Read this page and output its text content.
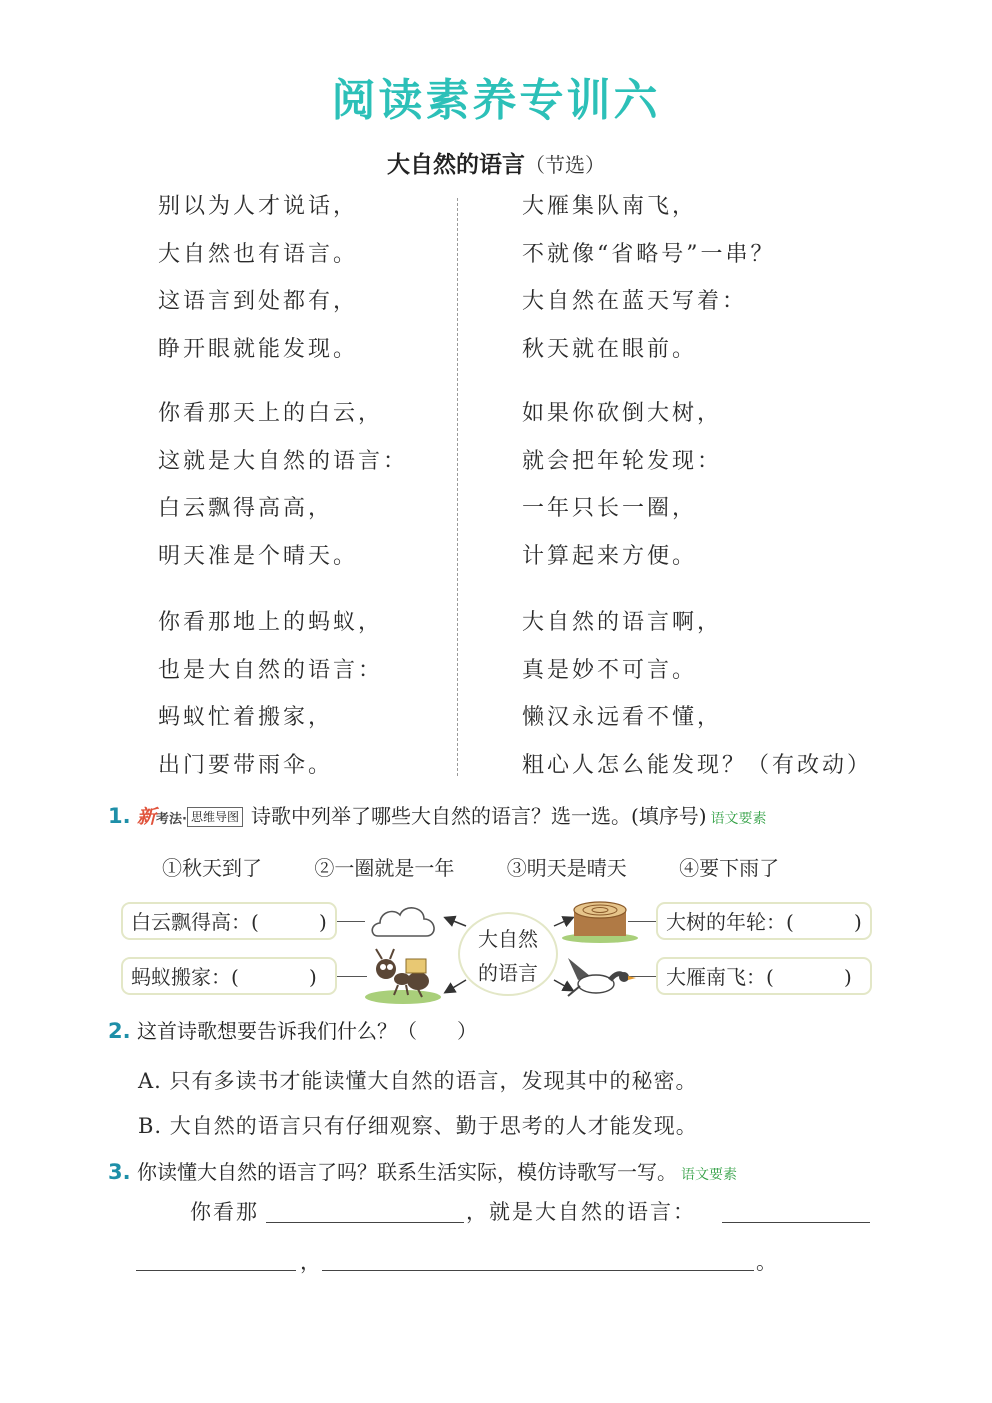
阅读素养专训六
大自然的语言（节选）
别以为人才说话，
大自然也有语言。
这语言到处都有，
睁开眼就能发现。
你看那天上的白云，
这就是大自然的语言：
白云飘得高高，
明天准是个晴天。
你看那地上的蚂蚁，
也是大自然的语言：
蚂蚁忙着搬家，
出门要带雨伞。
大雁集队南飞，
不就像“省略号”一串？
大自然在蓝天写着：
秋天就在眼前。
如果你砍倒大树，
就会把年轮发现：
一年只长一圈，
计算起来方便。
大自然的语言啊，
真是妙不可言。
懒汉永远看不懂，
粗心人怎么能发现？（有改动）
1. 新考法· 思维导图 诗歌中列举了哪些大自然的语言？选一选。(填序号) 语文要素
①秋天到了	②一圈就是一年	③明天是晴天	④要下雨了
白云飘得高：(	)
蚂蚁搬家：(	)
大树的年轮：(	)
大雁南飞：(	)
大自然
的语言
2. 这首诗歌想要告诉我们什么？（　　）
A. 只有多读书才能读懂大自然的语言，发现其中的秘密。
B. 大自然的语言只有仔细观察、勤于思考的人才能发现。
3. 你读懂大自然的语言了吗？联系生活实际，模仿诗歌写一写。 语文要素
你看那	，就是大自然的语言：
，	。
